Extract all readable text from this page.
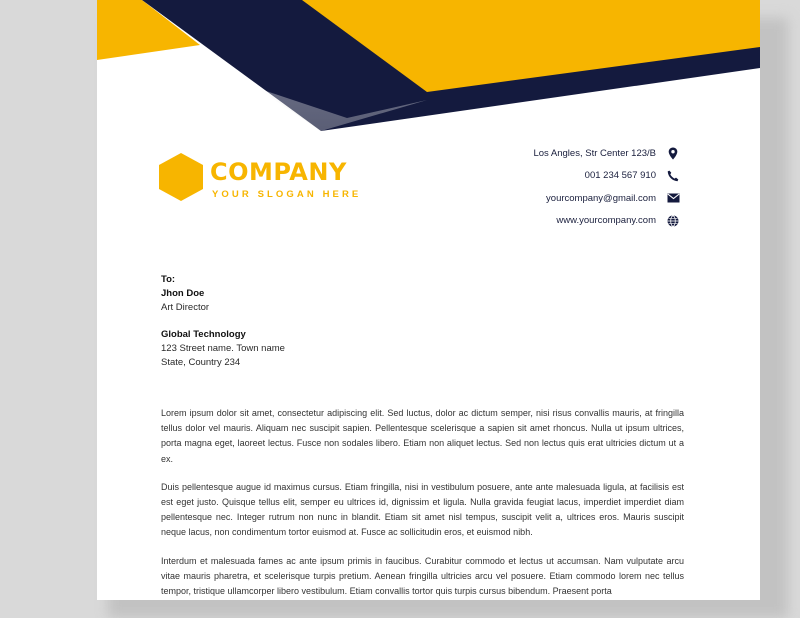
COMPANY
YOUR SLOGAN HERE
Los Angles, Str Center 123/B
001 234 567 910
yourcompany@gmail.com
www.yourcompany.com
To:
Jhon Doe
Art Director
Global Technology
123 Street name. Town name
State, Country 234

Lorem ipsum dolor sit amet, consectetur adipiscing elit. Sed luctus, dolor ac dictum semper, nisi risus convallis mauris, at fringilla tellus dolor vel mauris. Aliquam nec suscipit sapien. Pellentesque scelerisque a sapien sit amet rhoncus. Nulla ut ipsum ultrices, porta magna eget, laoreet lectus. Fusce non sodales libero. Etiam non aliquet lectus. Sed non lectus quis erat ultricies dictum ut a ex.

Duis pellentesque augue id maximus cursus. Etiam fringilla, nisi in vestibulum posuere, ante ante malesuada ligula, at facilisis est est eget justo. Quisque tellus elit, semper eu ultrices id, dignissim et ligula. Nulla gravida feugiat lacus, imperdiet imperdiet diam pellentesque nec. Integer rutrum non nunc in blandit. Etiam sit amet nisl tempus, suscipit velit a, ultrices eros. Mauris suscipit neque lacus, non condimentum tortor euismod at. Fusce ac sollicitudin eros, et euismod nibh.

Interdum et malesuada fames ac ante ipsum primis in faucibus. Curabitur commodo et lectus ut accumsan. Nam vulputate arcu vitae mauris pharetra, et scelerisque turpis pretium. Aenean fringilla ultricies arcu vel posuere. Etiam commodo lorem nec tellus tempor, tristique ullamcorper libero vestibulum. Etiam convallis tortor quis turpis cursus bibendum. Praesent porta
